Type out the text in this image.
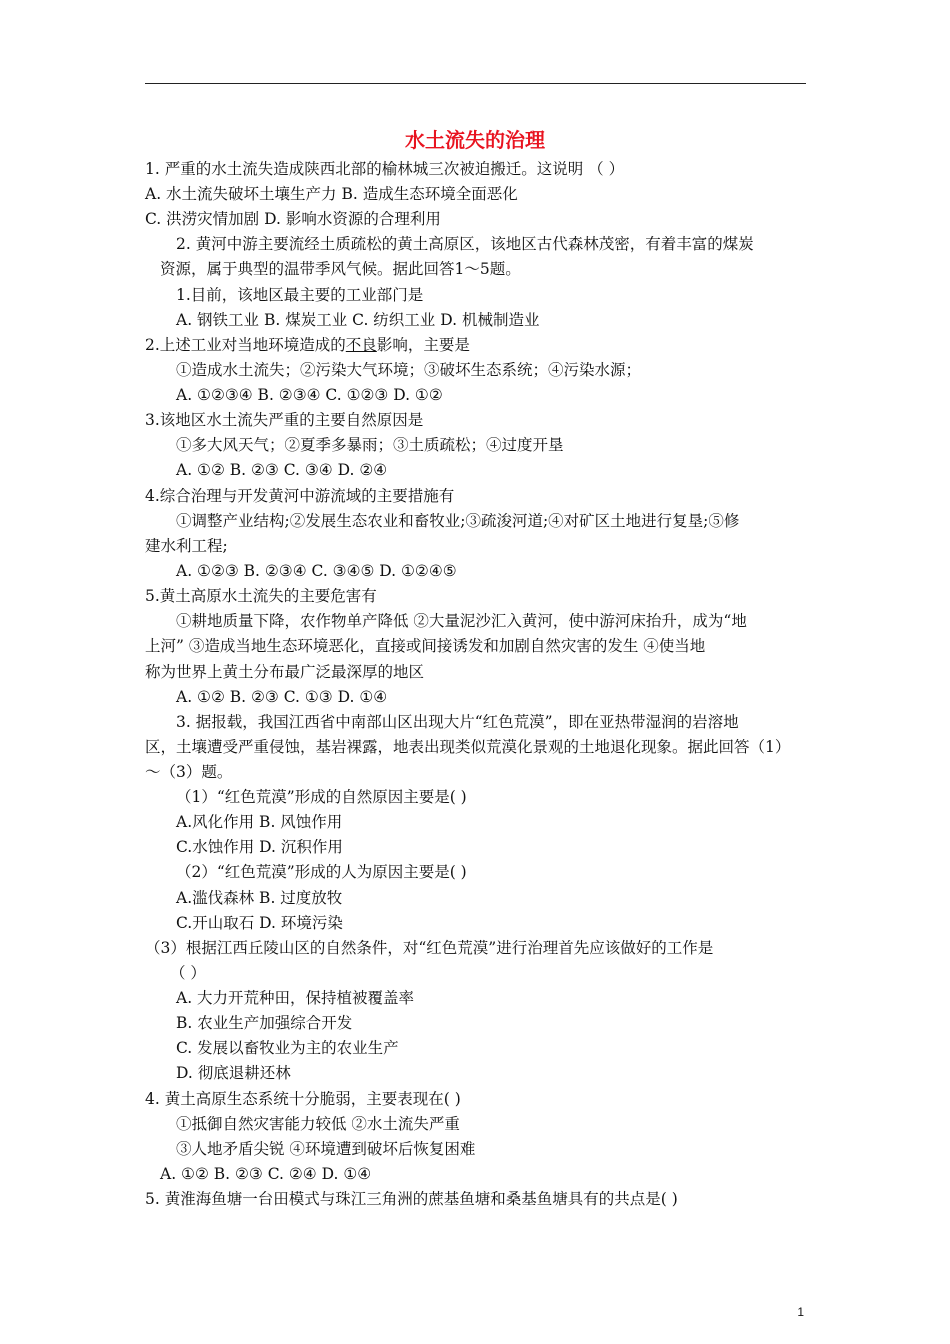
水土流失的治理
1. 严重的水土流失造成陕西北部的榆林城三次被迫搬迁。这说明 （ ）
A. 水土流失破坏土壤生产力 B. 造成生态环境全面恶化
C. 洪涝灾情加剧 D. 影响水资源的合理利用
2. 黄河中游主要流经土质疏松的黄土高原区，该地区古代森林茂密，有着丰富的煤炭
资源，属于典型的温带季风气候。据此回答1～5题。
1.目前，该地区最主要的工业部门是
A. 钢铁工业 B. 煤炭工业 C. 纺织工业 D. 机械制造业
2.上述工业对当地环境造成的不良影响，主要是
①造成水土流失；②污染大气环境；③破坏生态系统；④污染水源；
A. ①②③④ B. ②③④ C. ①②③ D. ①②
3.该地区水土流失严重的主要自然原因是
①多大风天气；②夏季多暴雨；③土质疏松；④过度开垦
A. ①② B. ②③ C. ③④ D. ②④
4.综合治理与开发黄河中游流域的主要措施有
①调整产业结构;②发展生态农业和畜牧业;③疏浚河道;④对矿区土地进行复垦;⑤修
建水利工程;
A. ①②③ B. ②③④ C. ③④⑤ D. ①②④⑤
5.黄土高原水土流失的主要危害有
①耕地质量下降，农作物单产降低 ②大量泥沙汇入黄河，使中游河床抬升，成为“地
上河” ③造成当地生态环境恶化，直接或间接诱发和加剧自然灾害的发生 ④使当地
称为世界上黄土分布最广泛最深厚的地区
A. ①② B. ②③ C. ①③ D. ①④
3. 据报载，我国江西省中南部山区出现大片“红色荒漠”，即在亚热带湿润的岩溶地
区，土壤遭受严重侵蚀，基岩裸露，地表出现类似荒漠化景观的土地退化现象。据此回答（1）
～（3）题。
（1）“红色荒漠”形成的自然原因主要是( )
A.风化作用 B. 风蚀作用
C.水蚀作用 D. 沉积作用
（2）“红色荒漠”形成的人为原因主要是( )
A.滥伐森林 B. 过度放牧
C.开山取石 D. 环境污染
（3）根据江西丘陵山区的自然条件，对“红色荒漠”进行治理首先应该做好的工作是
（ ）
A. 大力开荒种田，保持植被覆盖率
B. 农业生产加强综合开发
C. 发展以畜牧业为主的农业生产
D. 彻底退耕还林
4. 黄土高原生态系统十分脆弱，主要表现在( )
①抵御自然灾害能力较低 ②水土流失严重
③人地矛盾尖锐 ④环境遭到破坏后恢复困难
A. ①② B. ②③ C. ②④ D. ①④
5. 黄淮海鱼塘一台田模式与珠江三角洲的蔗基鱼塘和桑基鱼塘具有的共点是( )
1
